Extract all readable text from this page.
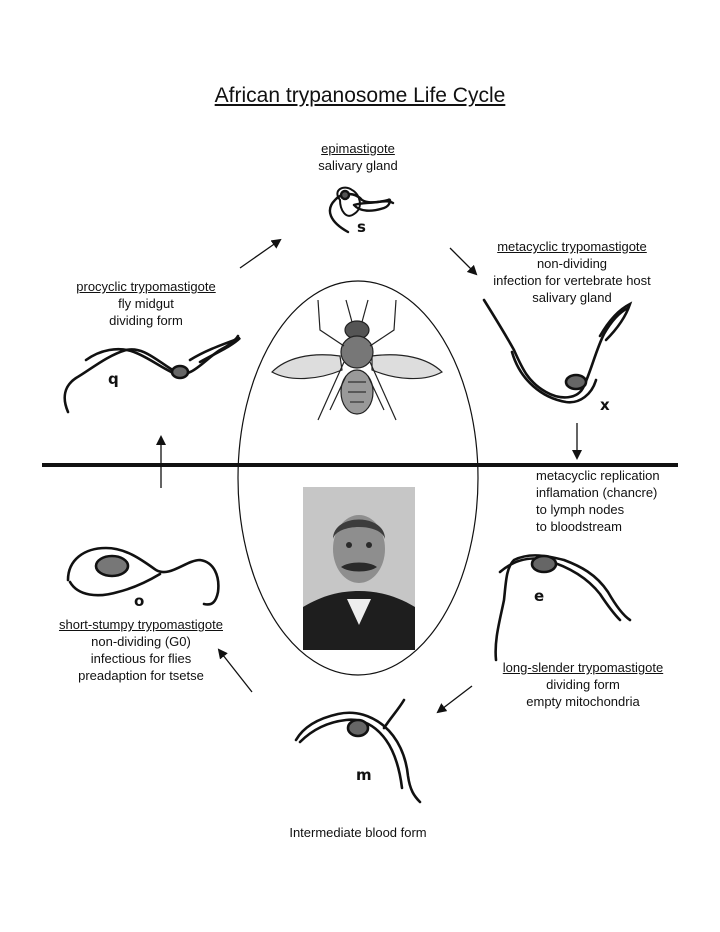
African trypanosome Life Cycle
s
x
q
e
o
m
epimastigote
salivary gland
metacyclic trypomastigote
non-dividing
infection for vertebrate host
salivary gland
procyclic trypomastigote
fly midgut
dividing form
metacyclic replication
inflamation (chancre)
to lymph nodes
to bloodstream
long-slender trypomastigote
dividing form
empty mitochondria
short-stumpy trypomastigote
non-dividing (G0)
infectious for flies
preadaption for tsetse
Intermediate blood form
